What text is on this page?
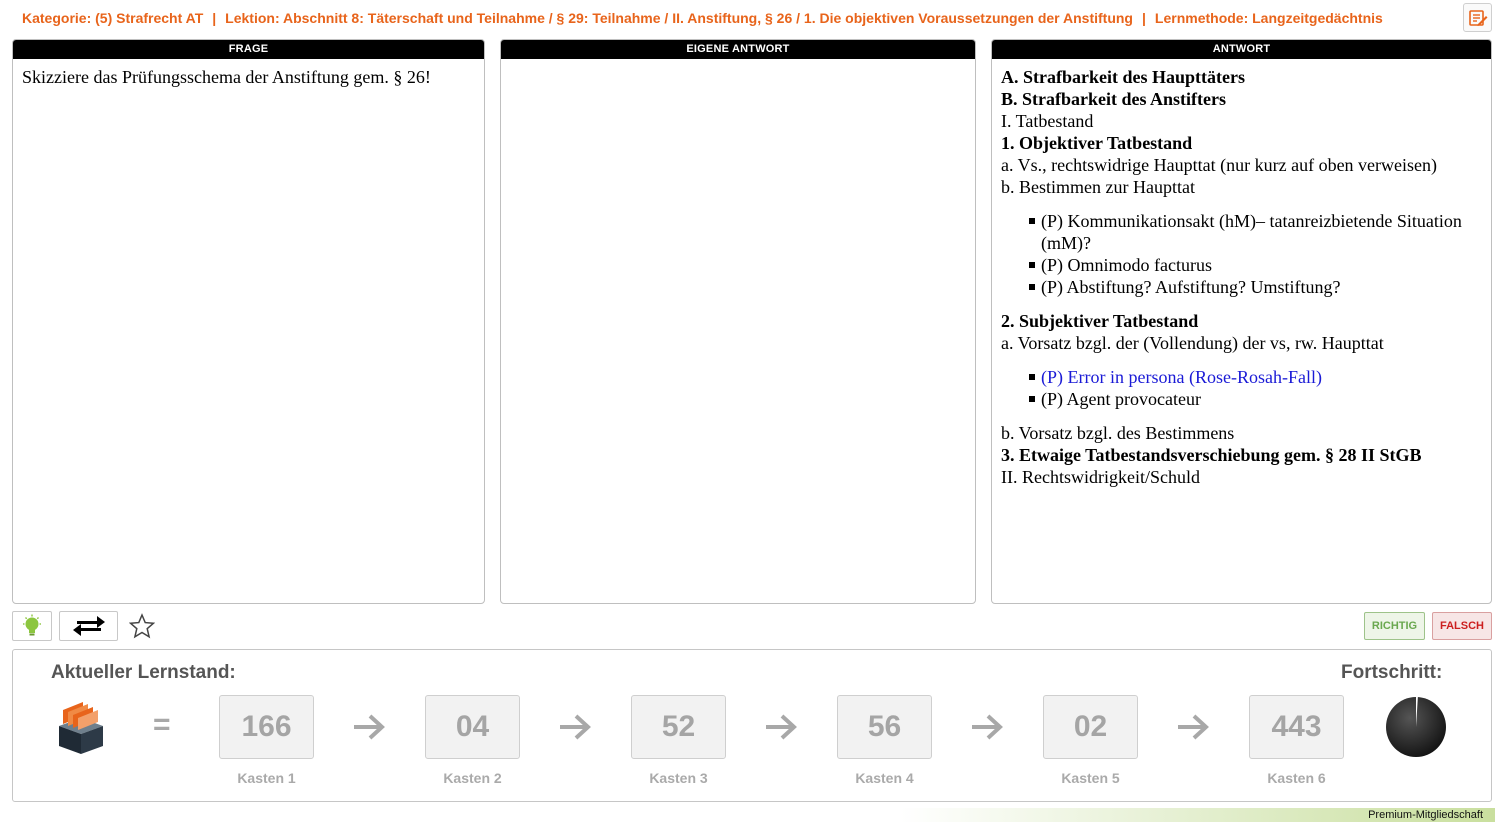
Kategorie: (5) Strafrecht AT | Lektion: Abschnitt 8: Täterschaft und Teilnahme / § 29: Teilnahme / II. Anstiftung, § 26 / 1. Die objektiven Voraussetzungen der Anstiftung | Lernmethode: Langzeitgedächtnis
FRAGE
Skizziere das Prüfungsschema der Anstiftung gem. § 26!
EIGENE ANTWORT	ANTWORT
A. Strafbarkeit des Haupttäters
B. Strafbarkeit des Anstifters
I. Tatbestand
1. Objektiver Tatbestand
a. Vs., rechtswidrige Haupttat (nur kurz auf oben verweisen)
b. Bestimmen zur Haupttat
(P) Kommunikationsakt (hM)– tatanreizbietende Situation (mM)?
(P) Omnimodo facturus
(P) Abstiftung? Aufstiftung? Umstiftung?
2. Subjektiver Tatbestand
a. Vorsatz bzgl. der (Vollendung) der vs, rw. Haupttat
(P) Error in persona (Rose-Rosah-Fall)
(P) Agent provocateur
b. Vorsatz bzgl. des Bestimmens
3. Etwaige Tatbestandsverschiebung gem. § 28 II StGB
II. Rechtswidrigkeit/Schuld
RICHTIG	FALSCH
Aktueller Lernstand:	Fortschritt:
=	166
Kasten 1
04
Kasten 2
52
Kasten 3
56
Kasten 4
02
Kasten 5
443
Kasten 6
Premium-Mitgliedschaft
